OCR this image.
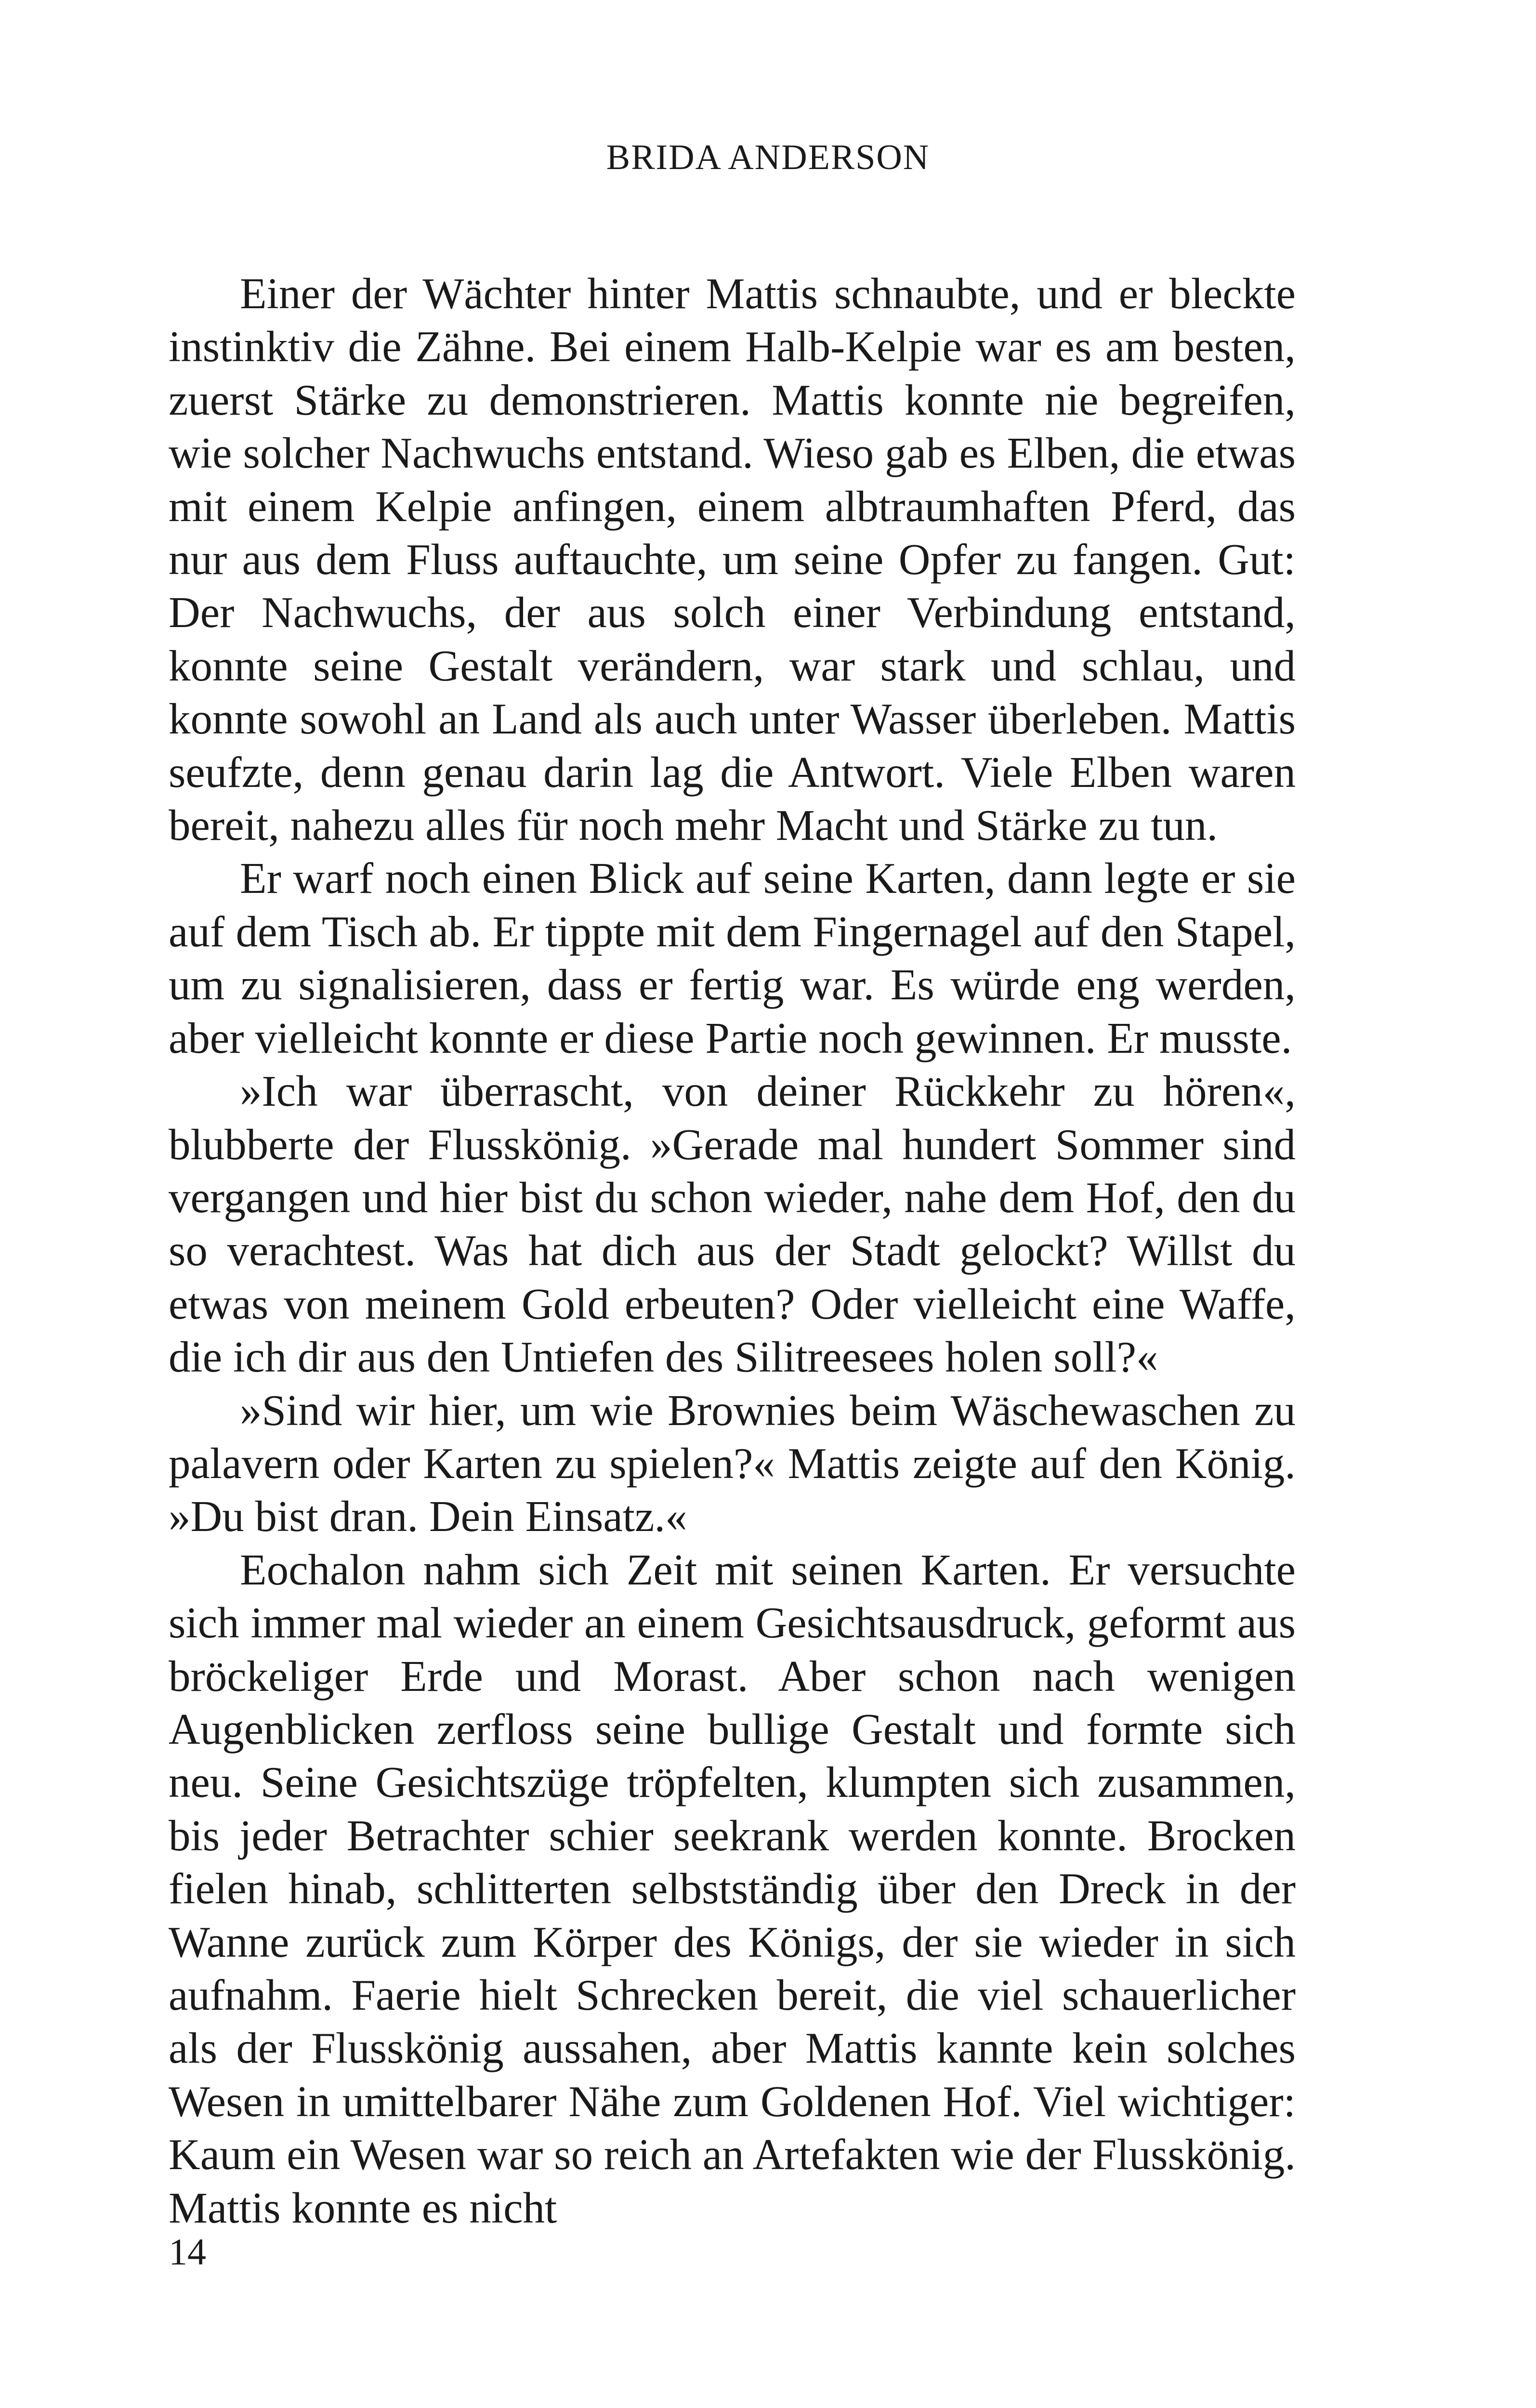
BRIDA ANDERSON

Einer der Wächter hinter Mattis schnaubte, und er bleckte instinktiv die Zähne. Bei einem Halb-Kelpie war es am besten, zuerst Stärke zu demonstrieren. Mattis konnte nie begreifen, wie solcher Nachwuchs entstand. Wieso gab es Elben, die etwas mit einem Kelpie anfingen, einem albtraumhaften Pferd, das nur aus dem Fluss auftauchte, um seine Opfer zu fangen. Gut: Der Nachwuchs, der aus solch einer Verbindung entstand, konnte seine Gestalt verändern, war stark und schlau, und konnte sowohl an Land als auch unter Wasser überleben. Mattis seufzte, denn genau darin lag die Antwort. Viele Elben waren bereit, nahezu alles für noch mehr Macht und Stärke zu tun.

Er warf noch einen Blick auf seine Karten, dann legte er sie auf dem Tisch ab. Er tippte mit dem Fingernagel auf den Stapel, um zu signalisieren, dass er fertig war. Es würde eng werden, aber vielleicht konnte er diese Partie noch gewinnen. Er musste.

»Ich war überrascht, von deiner Rückkehr zu hören«, blubberte der Flusskönig. »Gerade mal hundert Sommer sind vergangen und hier bist du schon wieder, nahe dem Hof, den du so verachtest. Was hat dich aus der Stadt gelockt? Willst du etwas von meinem Gold erbeuten? Oder vielleicht eine Waffe, die ich dir aus den Untiefen des Silitreesees holen soll?«

»Sind wir hier, um wie Brownies beim Wäschewaschen zu palavern oder Karten zu spielen?« Mattis zeigte auf den König. »Du bist dran. Dein Einsatz.«

Eochalon nahm sich Zeit mit seinen Karten. Er versuchte sich immer mal wieder an einem Gesichtsausdruck, geformt aus bröckeliger Erde und Morast. Aber schon nach wenigen Augenblicken zerfloss seine bullige Gestalt und formte sich neu. Seine Gesichtszüge tröpfelten, klumpten sich zusammen, bis jeder Betrachter schier seekrank werden konnte. Brocken fielen hinab, schlitterten selbstständig über den Dreck in der Wanne zurück zum Körper des Königs, der sie wieder in sich aufnahm. Faerie hielt Schrecken bereit, die viel schauerlicher als der Flusskönig aussahen, aber Mattis kannte kein solches Wesen in umittelbarer Nähe zum Goldenen Hof. Viel wichtiger: Kaum ein Wesen war so reich an Artefakten wie der Flusskönig. Mattis konnte es nicht

14
